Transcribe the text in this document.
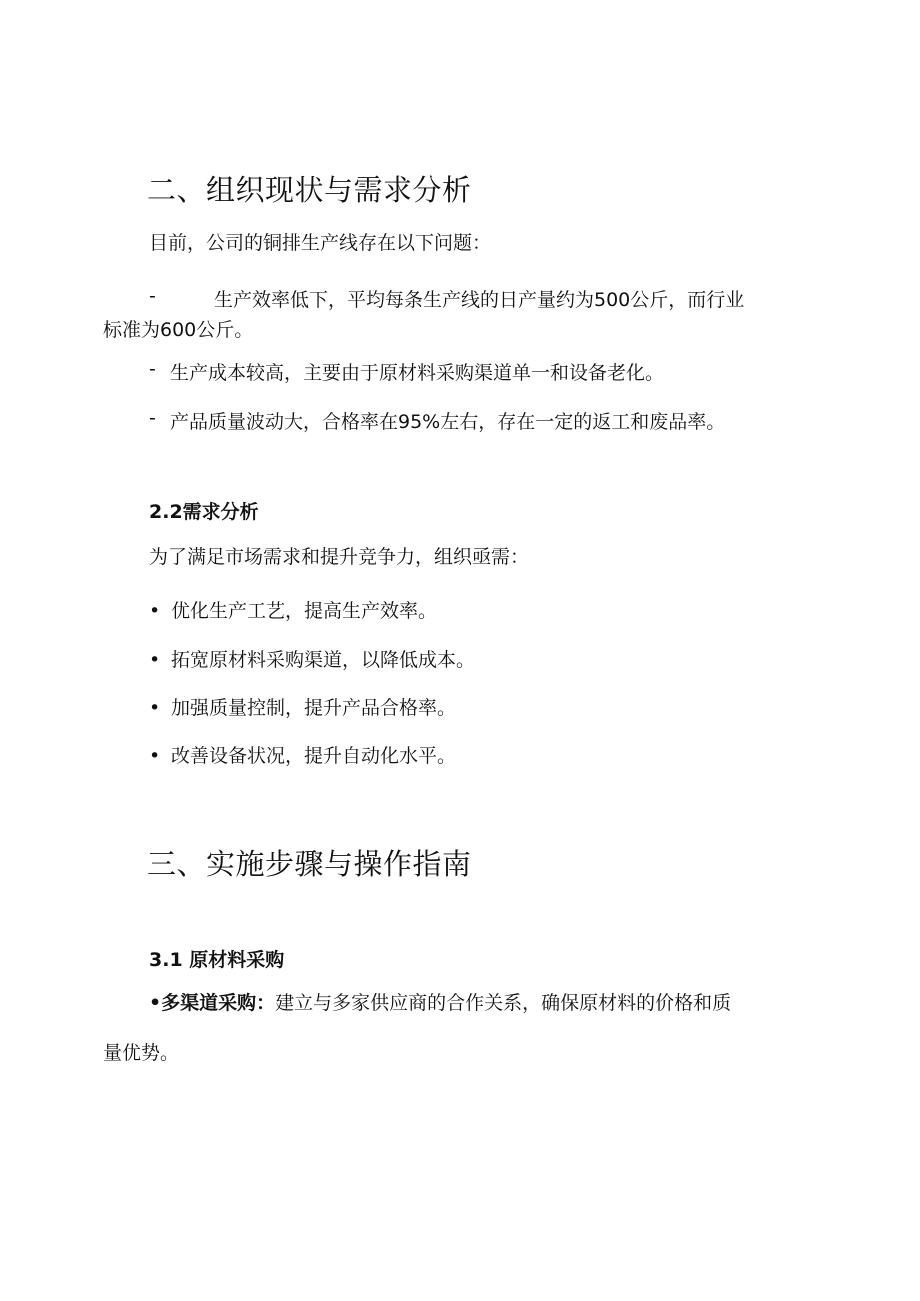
二、组织现状与需求分析
目前，公司的铜排生产线存在以下问题：
-	生产效率低下，平均每条生产线的日产量约为500公斤，而行业
标准为600公斤。
- 生产成本较高，主要由于原材料采购渠道单一和设备老化。
- 产品质量波动大，合格率在95%左右，存在一定的返工和废品率。
2.2需求分析
为了满足市场需求和提升竞争力，组织亟需：
• 优化生产工艺，提高生产效率。
• 拓宽原材料采购渠道，以降低成本。
• 加强质量控制，提升产品合格率。
• 改善设备状况，提升自动化水平。
三、实施步骤与操作指南
3.1 原材料采购
•多渠道采购：建立与多家供应商的合作关系，确保原材料的价格和质
量优势。
